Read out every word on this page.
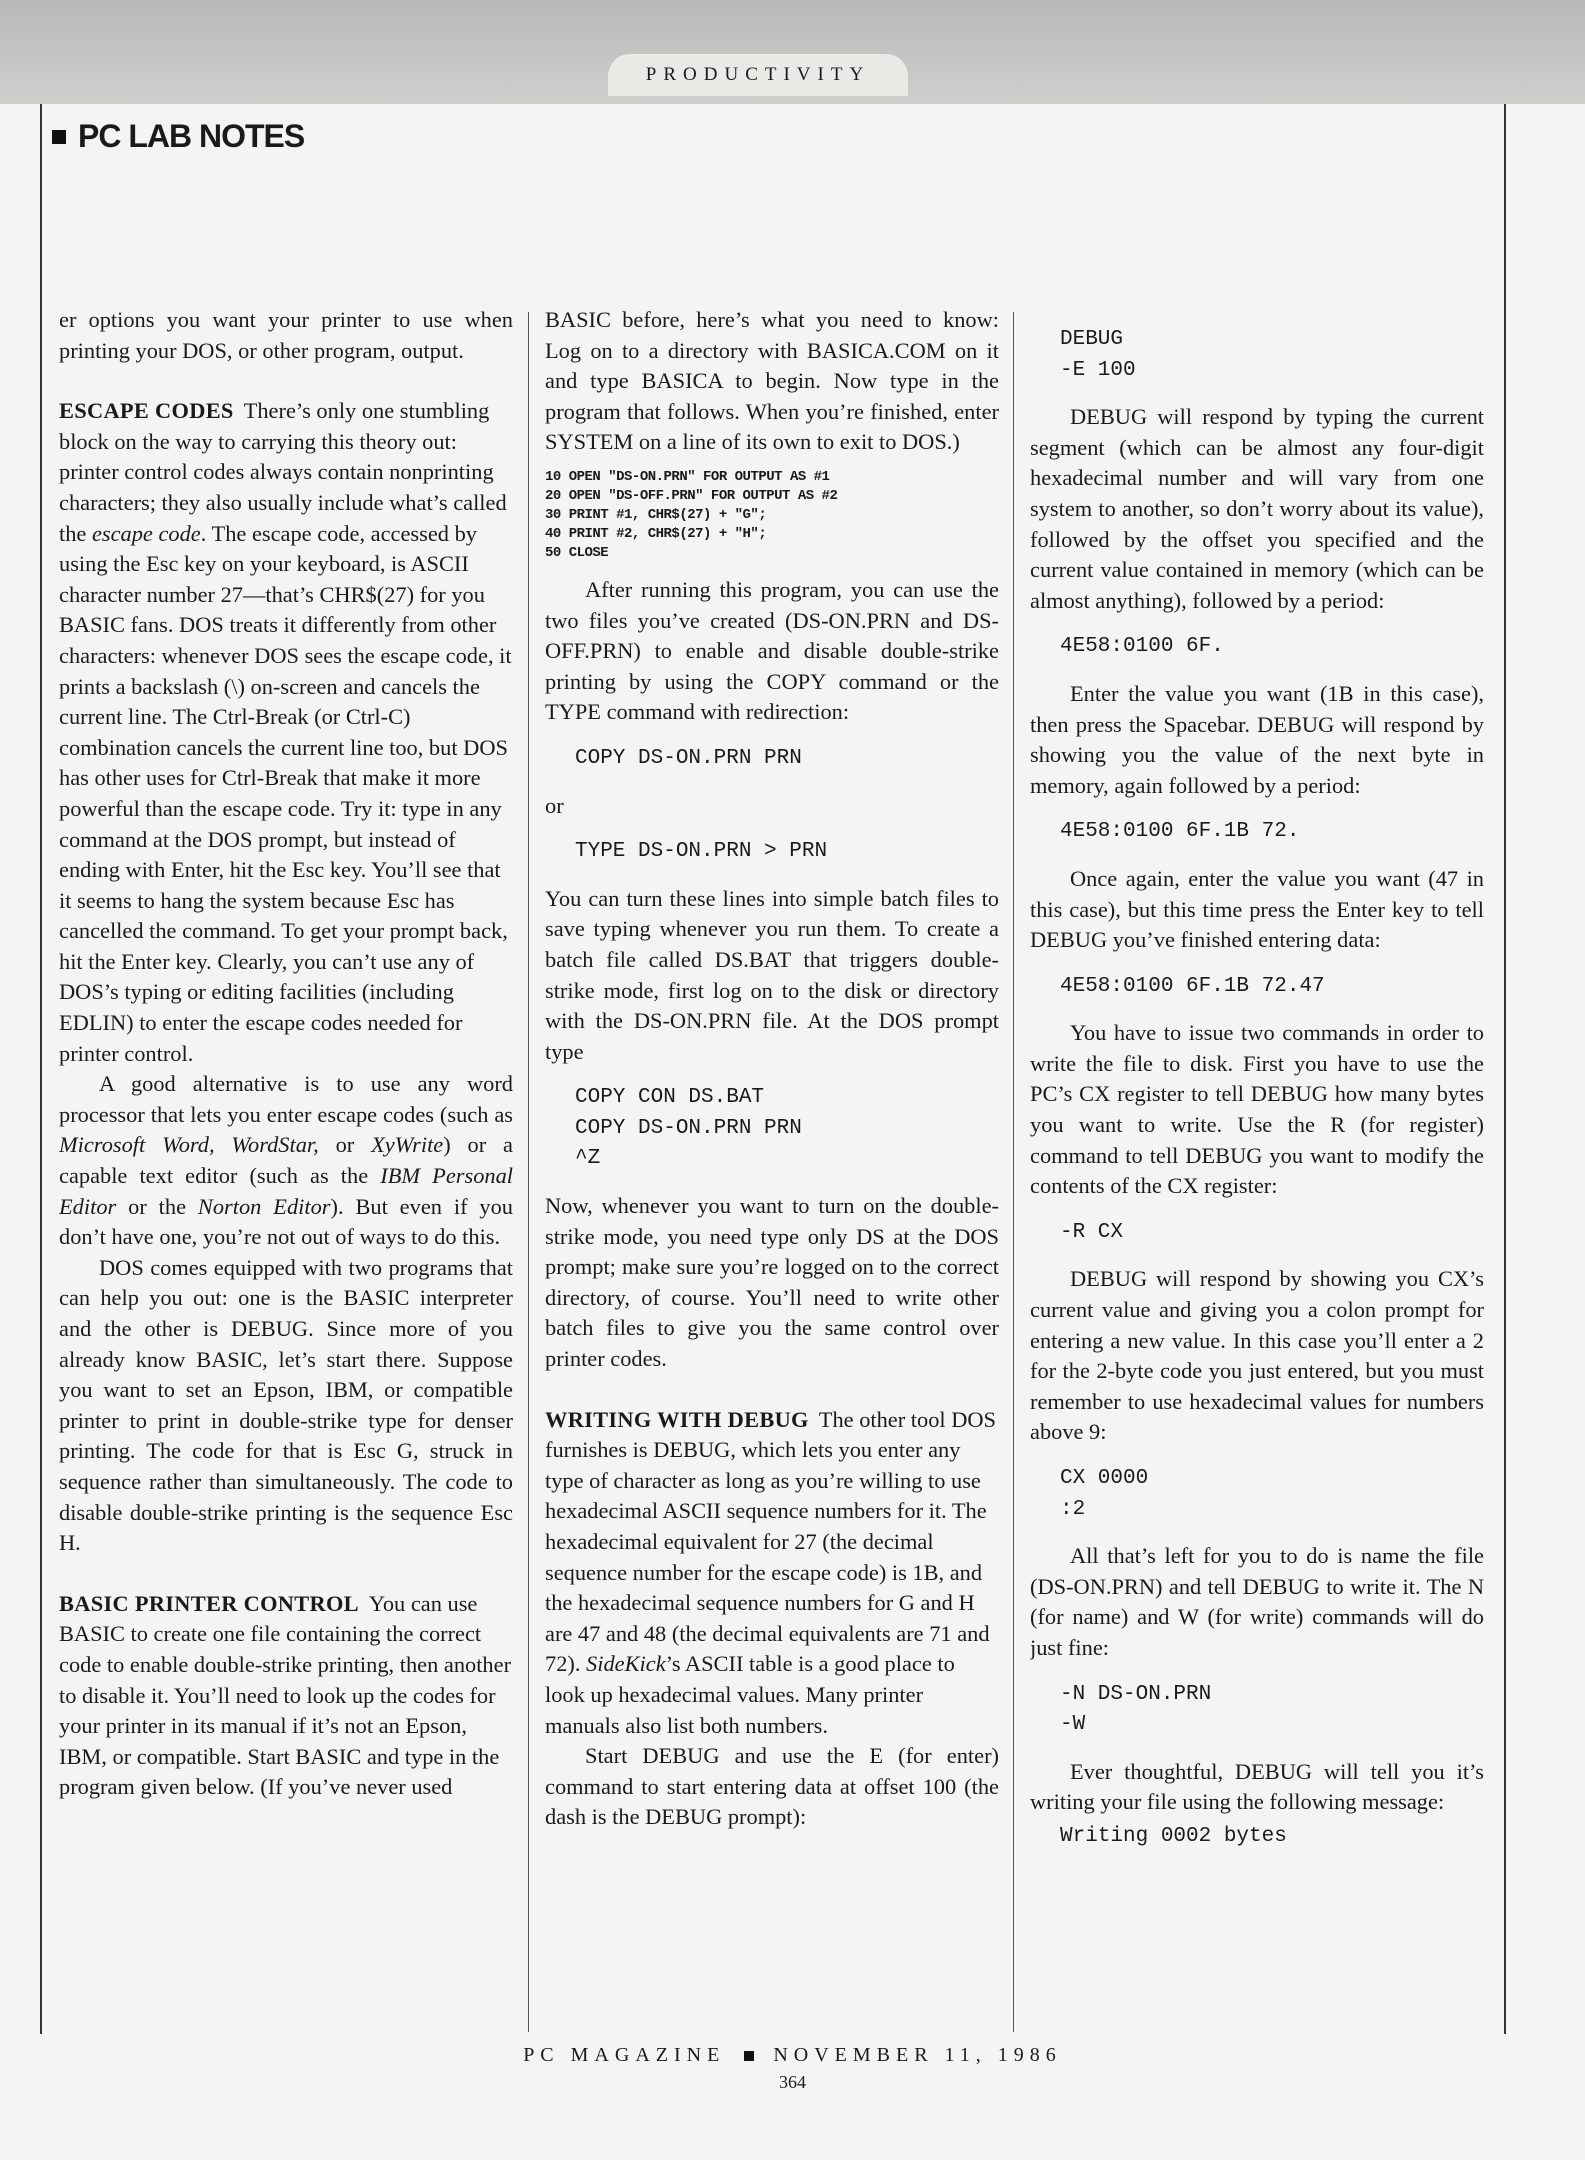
PRODUCTIVITY
PC LAB NOTES

er options you want your printer to use when printing your DOS, or other program, output.

ESCAPE CODES There’s only one stumbling block on the way to carrying this theory out: printer control codes always contain nonprinting characters; they also usually include what’s called the escape code. The escape code, accessed by using the Esc key on your keyboard, is ASCII character number 27—that’s CHR$(27) for you BASIC fans. DOS treats it differently from other characters: whenever DOS sees the escape code, it prints a backslash (\) on-screen and cancels the current line. The Ctrl-Break (or Ctrl-C) combination cancels the current line too, but DOS has other uses for Ctrl-Break that make it more powerful than the escape code. Try it: type in any command at the DOS prompt, but instead of ending with Enter, hit the Esc key. You’ll see that it seems to hang the system because Esc has cancelled the command. To get your prompt back, hit the Enter key. Clearly, you can’t use any of DOS’s typing or editing facilities (including EDLIN) to enter the escape codes needed for printer control.

A good alternative is to use any word processor that lets you enter escape codes (such as Microsoft Word, WordStar, or XyWrite) or a capable text editor (such as the IBM Personal Editor or the Norton Editor). But even if you don’t have one, you’re not out of ways to do this.

DOS comes equipped with two programs that can help you out: one is the BASIC interpreter and the other is DEBUG. Since more of you already know BASIC, let’s start there. Suppose you want to set an Epson, IBM, or compatible printer to print in double-strike type for denser printing. The code for that is Esc G, struck in sequence rather than simultaneously. The code to disable double-strike printing is the sequence Esc H.

BASIC PRINTER CONTROL You can use BASIC to create one file containing the correct code to enable double-strike printing, then another to disable it. You’ll need to look up the codes for your printer in its manual if it’s not an Epson, IBM, or compatible. Start BASIC and type in the program given below. (If you’ve never used

BASIC before, here’s what you need to know: Log on to a directory with BASICA.COM on it and type BASICA to begin. Now type in the program that follows. When you’re finished, enter SYSTEM on a line of its own to exit to DOS.)

10 OPEN "DS-ON.PRN" FOR OUTPUT AS #1
20 OPEN "DS-OFF.PRN" FOR OUTPUT AS #2
30 PRINT #1, CHR$(27) + "G";
40 PRINT #2, CHR$(27) + "H";
50 CLOSE

After running this program, you can use the two files you’ve created (DS-ON.PRN and DS-OFF.PRN) to enable and disable double-strike printing by using the COPY command or the TYPE command with redirection:

COPY DS-ON.PRN PRN

or

TYPE DS-ON.PRN > PRN

You can turn these lines into simple batch files to save typing whenever you run them. To create a batch file called DS.BAT that triggers double-strike mode, first log on to the disk or directory with the DS-ON.PRN file. At the DOS prompt type

COPY CON DS.BAT
COPY DS-ON.PRN PRN
^Z

Now, whenever you want to turn on the double-strike mode, you need type only DS at the DOS prompt; make sure you’re logged on to the correct directory, of course. You’ll need to write other batch files to give you the same control over printer codes.

WRITING WITH DEBUG The other tool DOS furnishes is DEBUG, which lets you enter any type of character as long as you’re willing to use hexadecimal ASCII sequence numbers for it. The hexadecimal equivalent for 27 (the decimal sequence number for the escape code) is 1B, and the hexadecimal sequence numbers for G and H are 47 and 48 (the decimal equivalents are 71 and 72). SideKick’s ASCII table is a good place to look up hexadecimal values. Many printer manuals also list both numbers.

Start DEBUG and use the E (for enter) command to start entering data at offset 100 (the dash is the DEBUG prompt):

DEBUG
-E 100

DEBUG will respond by typing the current segment (which can be almost any four-digit hexadecimal number and will vary from one system to another, so don’t worry about its value), followed by the offset you specified and the current value contained in memory (which can be almost anything), followed by a period:

4E58:0100 6F.

Enter the value you want (1B in this case), then press the Spacebar. DEBUG will respond by showing you the value of the next byte in memory, again followed by a period:

4E58:0100 6F.1B 72.

Once again, enter the value you want (47 in this case), but this time press the Enter key to tell DEBUG you’ve finished entering data:

4E58:0100 6F.1B 72.47

You have to issue two commands in order to write the file to disk. First you have to use the PC’s CX register to tell DEBUG how many bytes you want to write. Use the R (for register) command to tell DEBUG you want to modify the contents of the CX register:

-R CX

DEBUG will respond by showing you CX’s current value and giving you a colon prompt for entering a new value. In this case you’ll enter a 2 for the 2-byte code you just entered, but you must remember to use hexadecimal values for numbers above 9:

CX 0000
:2

All that’s left for you to do is name the file (DS-ON.PRN) and tell DEBUG to write it. The N (for name) and W (for write) commands will do just fine:

-N DS-ON.PRN
-W

Ever thoughtful, DEBUG will tell you it’s writing your file using the following message:

Writing 0002 bytes
PC MAGAZINE NOVEMBER 11, 1986
364
